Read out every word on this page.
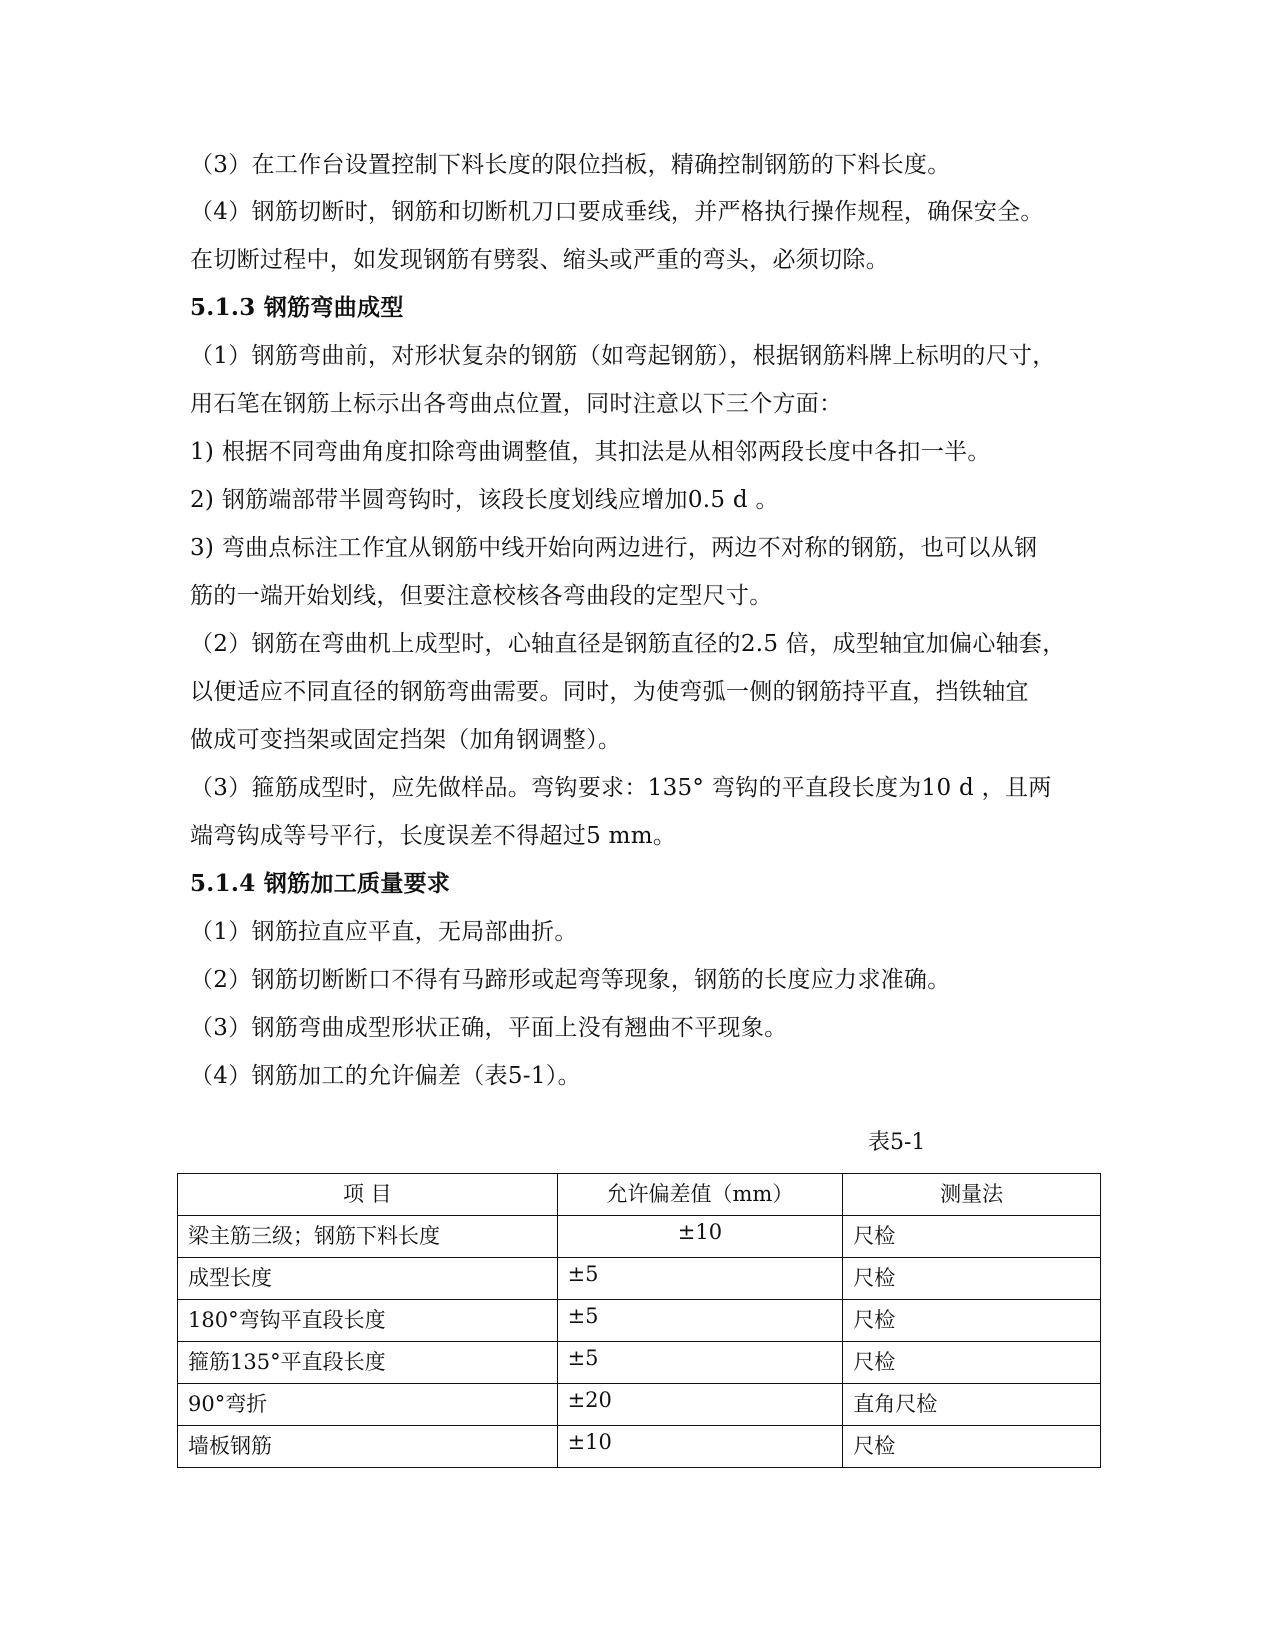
（3）在工作台设置控制下料长度的限位挡板，精确控制钢筋的下料长度。
（4）钢筋切断时，钢筋和切断机刀口要成垂线，并严格执行操作规程，确保安全。
在切断过程中，如发现钢筋有劈裂、缩头或严重的弯头，必须切除。
5.1.3 钢筋弯曲成型
（1）钢筋弯曲前，对形状复杂的钢筋（如弯起钢筋），根据钢筋料牌上标明的尺寸，
用石笔在钢筋上标示出各弯曲点位置，同时注意以下三个方面：
1) 根据不同弯曲角度扣除弯曲调整值，其扣法是从相邻两段长度中各扣一半。
2) 钢筋端部带半圆弯钩时，该段长度划线应增加0.5 d 。
3) 弯曲点标注工作宜从钢筋中线开始向两边进行，两边不对称的钢筋，也可以从钢
筋的一端开始划线，但要注意校核各弯曲段的定型尺寸。
（2）钢筋在弯曲机上成型时，心轴直径是钢筋直径的2.5 倍，成型轴宜加偏心轴套，
以便适应不同直径的钢筋弯曲需要。同时，为使弯弧一侧的钢筋持平直，挡铁轴宜
做成可变挡架或固定挡架（加角钢调整）。
（3）箍筋成型时，应先做样品。弯钩要求：135° 弯钩的平直段长度为10 d ，且两
端弯钩成等号平行，长度误差不得超过5 mm。
5.1.4 钢筋加工质量要求
（1）钢筋拉直应平直，无局部曲折。
（2）钢筋切断断口不得有马蹄形或起弯等现象，钢筋的长度应力求准确。
（3）钢筋弯曲成型形状正确，平面上没有翘曲不平现象。
（4）钢筋加工的允许偏差（表5-1）。
表5-1
项 目	允许偏差值（mm）	测量法
梁主筋三级；钢筋下料长度	±10	尺检
成型长度	±5	尺检
180°弯钩平直段长度	±5	尺检
箍筋135°平直段长度	±5	尺检
90°弯折	±20	直角尺检
墙板钢筋	±10	尺检
